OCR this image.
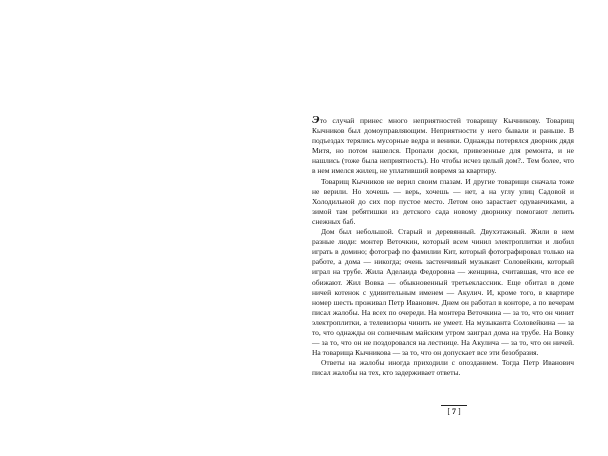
Это случай принес много неприятностей товарищу Кычникову. Товарищ Кычников был домоуправляющим. Неприятности у него бывали и раньше. В подъездах терялись мусорные ведра и веники. Однажды потерялся дворник дядя Митя, но потом нашелся. Пропали доски, привезенные для ремонта, и не нашлись (тоже была неприятность). Но чтобы исчез целый дом?.. Тем более, что в нем имелся жилец, не уплативший вовремя за квартиру.

Товарищ Кычников не верил своим глазам. И другие товарищи сначала тоже не верили. Но хочешь — верь, хочешь — нет, а на углу улиц Садовой и Холодильной до сих пор пустое место. Летом оно зарастает одуванчиками, а зимой там ребятишки из детского сада новому дворнику помогают лепить снежных баб.

Дом был небольшой. Старый и деревянный. Двухэтажный. Жили в нем разные люди: монтер Веточкин, который всем чинил электроплитки и любил играть в домино; фотограф по фамилии Кит, который фотографировал только на работе, а дома — никогда; очень застенчивый музыкант Соловейкин, который играл на трубе. Жила Аделаида Федоровна — женщина, считавшая, что все ее обижают. Жил Вовка — обыкновенный третьеклассник. Еще обитал в доме ничей котенок с удивительным именем — Акулич. И, кроме того, в квартире номер шесть проживал Петр Иванович. Днем он работал в конторе, а по вечерам писал жалобы. На всех по очереди. На монтера Веточкина — за то, что он чинит электроплитки, а телевизоры чинить не умеет. На музыканта Соловейкина — за то, что однажды он солнечным майским утром заиграл дома на трубе. На Вовку — за то, что он не поздоровался на лестнице. На Акулича — за то, что он ничей. На товарища Кычникова — за то, что он допускает все эти безобразия.

Ответы на жалобы иногда приходили с опозданием. Тогда Петр Иванович писал жалобы на тех, кто задерживает ответы.

[ 7 ]
